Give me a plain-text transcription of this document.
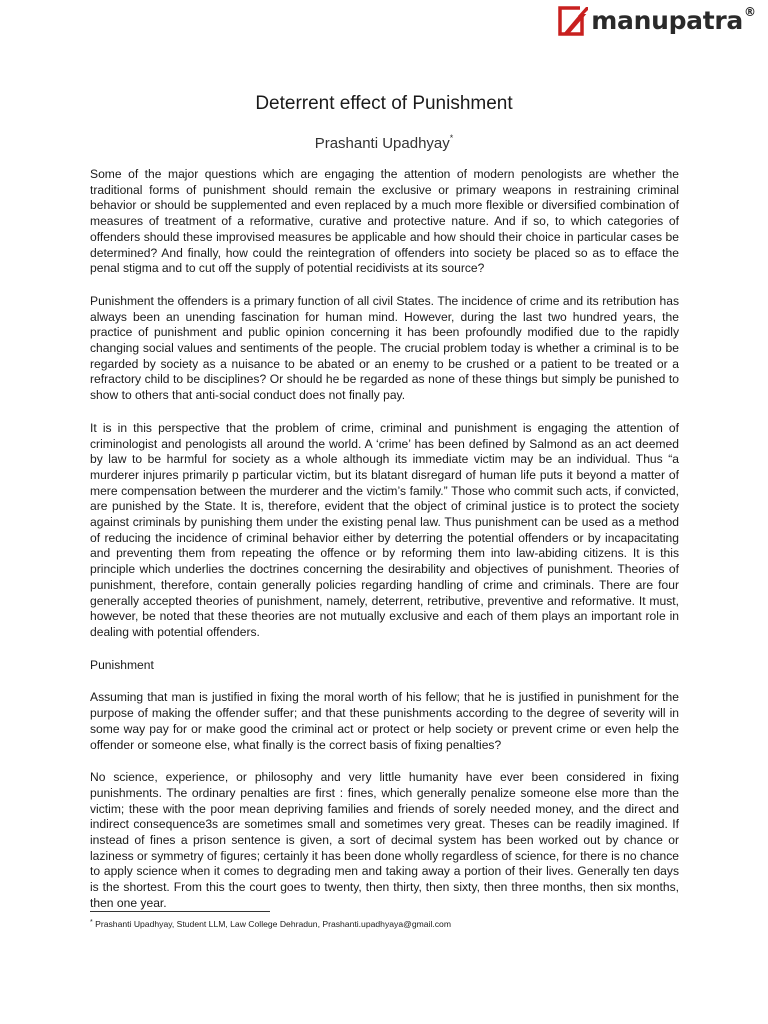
manupatra ®
Deterrent effect of Punishment
Prashanti Upadhyay*

Some of the major questions which are engaging the attention of modern penologists are whether the traditional forms of punishment should remain the exclusive or primary weapons in restraining criminal behavior or should be supplemented and even replaced by a much more flexible or diversified combination of measures of treatment of a reformative, curative and protective nature. And if so, to which categories of offenders should these improvised measures be applicable and how should their choice in particular cases be determined? And finally, how could the reintegration of offenders into society be placed so as to efface the penal stigma and to cut off the supply of potential recidivists at its source?

Punishment the offenders is a primary function of all civil States. The incidence of crime and its retribution has always been an unending fascination for human mind. However, during the last two hundred years, the practice of punishment and public opinion concerning it has been profoundly modified due to the rapidly changing social values and sentiments of the people. The crucial problem today is whether a criminal is to be regarded by society as a nuisance to be abated or an enemy to be crushed or a patient to be treated or a refractory child to be disciplines? Or should he be regarded as none of these things but simply be punished to show to others that anti-social conduct does not finally pay.

It is in this perspective that the problem of crime, criminal and punishment is engaging the attention of criminologist and penologists all around the world. A ‘crime’ has been defined by Salmond as an act deemed by law to be harmful for society as a whole although its immediate victim may be an individual. Thus “a murderer injures primarily p particular victim, but its blatant disregard of human life puts it beyond a matter of mere compensation between the murderer and the victim’s family.” Those who commit such acts, if convicted, are punished by the State. It is, therefore, evident that the object of criminal justice is to protect the society against criminals by punishing them under the existing penal law. Thus punishment can be used as a method of reducing the incidence of criminal behavior either by deterring the potential offenders or by incapacitating and preventing them from repeating the offence or by reforming them into law-abiding citizens. It is this principle which underlies the doctrines concerning the desirability and objectives of punishment. Theories of punishment, therefore, contain generally policies regarding handling of crime and criminals. There are four generally accepted theories of punishment, namely, deterrent, retributive, preventive and reformative. It must, however, be noted that these theories are not mutually exclusive and each of them plays an important role in dealing with potential offenders.

Punishment

Assuming that man is justified in fixing the moral worth of his fellow; that he is justified in punishment for the purpose of making the offender suffer; and that these punishments according to the degree of severity will in some way pay for or make good the criminal act or protect or help society or prevent crime or even help the offender or someone else, what finally is the correct basis of fixing penalties?

No science, experience, or philosophy and very little humanity have ever been considered in fixing punishments. The ordinary penalties are first : fines, which generally penalize someone else more than the victim; these with the poor mean depriving families and friends of sorely needed money, and the direct and indirect consequence3s are sometimes small and sometimes very great. Theses can be readily imagined. If instead of fines a prison sentence is given, a sort of decimal system has been worked out by chance or laziness or symmetry of figures; certainly it has been done wholly regardless of science, for there is no chance to apply science when it comes to degrading men and taking away a portion of their lives. Generally ten days is the shortest. From this the court goes to twenty, then thirty, then sixty, then three months, then six months, then one year.

* Prashanti Upadhyay, Student LLM, Law College Dehradun, Prashanti.upadhyaya@gmail.com
